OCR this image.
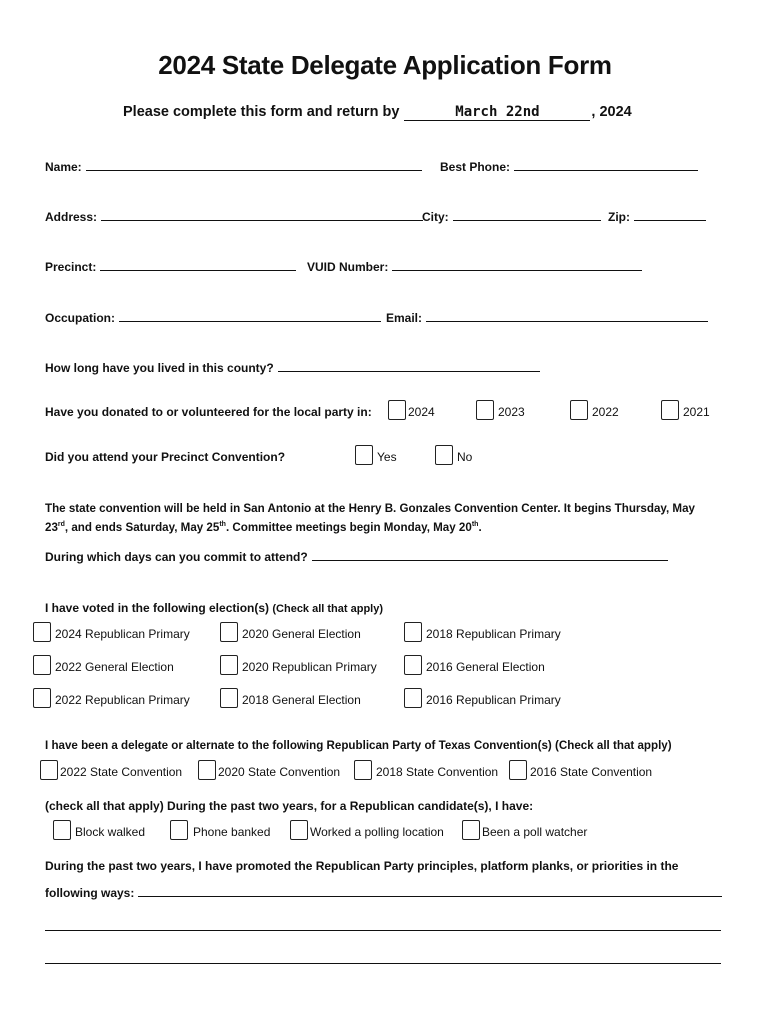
2024 State Delegate Application Form
Please complete this form and return by	March 22nd	, 2024
Name:	Best Phone:
Address:	City:	Zip:
Precinct:	VUID Number:
Occupation:	Email:
How long have you lived in this county?
Have you donated to or volunteered for the local party in:	2024	2023	2022	2021
Did you attend your Precinct Convention?	Yes	No
The state convention will be held in San Antonio at the Henry B. Gonzales Convention Center. It begins Thursday, May
23rd, and ends Saturday, May 25th. Committee meetings begin Monday, May 20th.
During which days can you commit to attend?
I have voted in the following election(s) (Check all that apply)
2024 Republican Primary	2020 General Election	2018 Republican Primary
2022 General Election	2020 Republican Primary	2016 General Election
2022 Republican Primary	2018 General Election	2016 Republican Primary
I have been a delegate or alternate to the following Republican Party of Texas Convention(s) (Check all that apply)
2022 State Convention	2020 State Convention	2018 State Convention	2016 State Convention
(check all that apply) During the past two years, for a Republican candidate(s), I have:
Block walked	Phone banked	Worked a polling location	Been a poll watcher
During the past two years, I have promoted the Republican Party principles, platform planks, or priorities in the
following ways:
